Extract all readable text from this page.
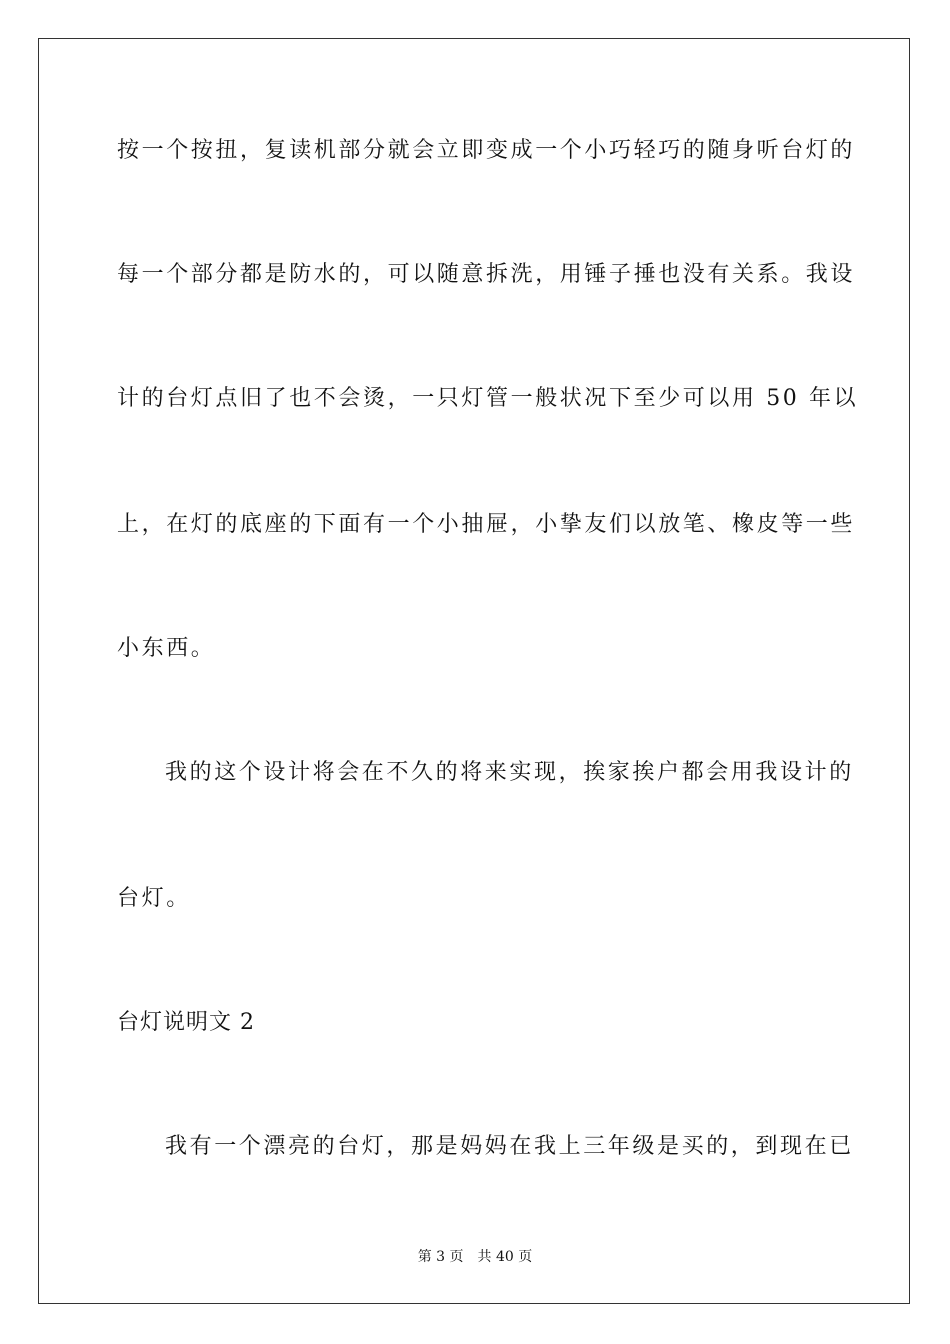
按一个按扭，复读机部分就会立即变成一个小巧轻巧的随身听台灯的
每一个部分都是防水的，可以随意拆洗，用锤子捶也没有关系。我设
计的台灯点旧了也不会烫，一只灯管一般状况下至少可以用 50 年以
上，在灯的底座的下面有一个小抽屉，小挚友们以放笔、橡皮等一些
小东西。
我的这个设计将会在不久的将来实现，挨家挨户都会用我设计的
台灯。
台灯说明文 2
我有一个漂亮的台灯，那是妈妈在我上三年级是买的，到现在已
第 3 页 共 40 页
